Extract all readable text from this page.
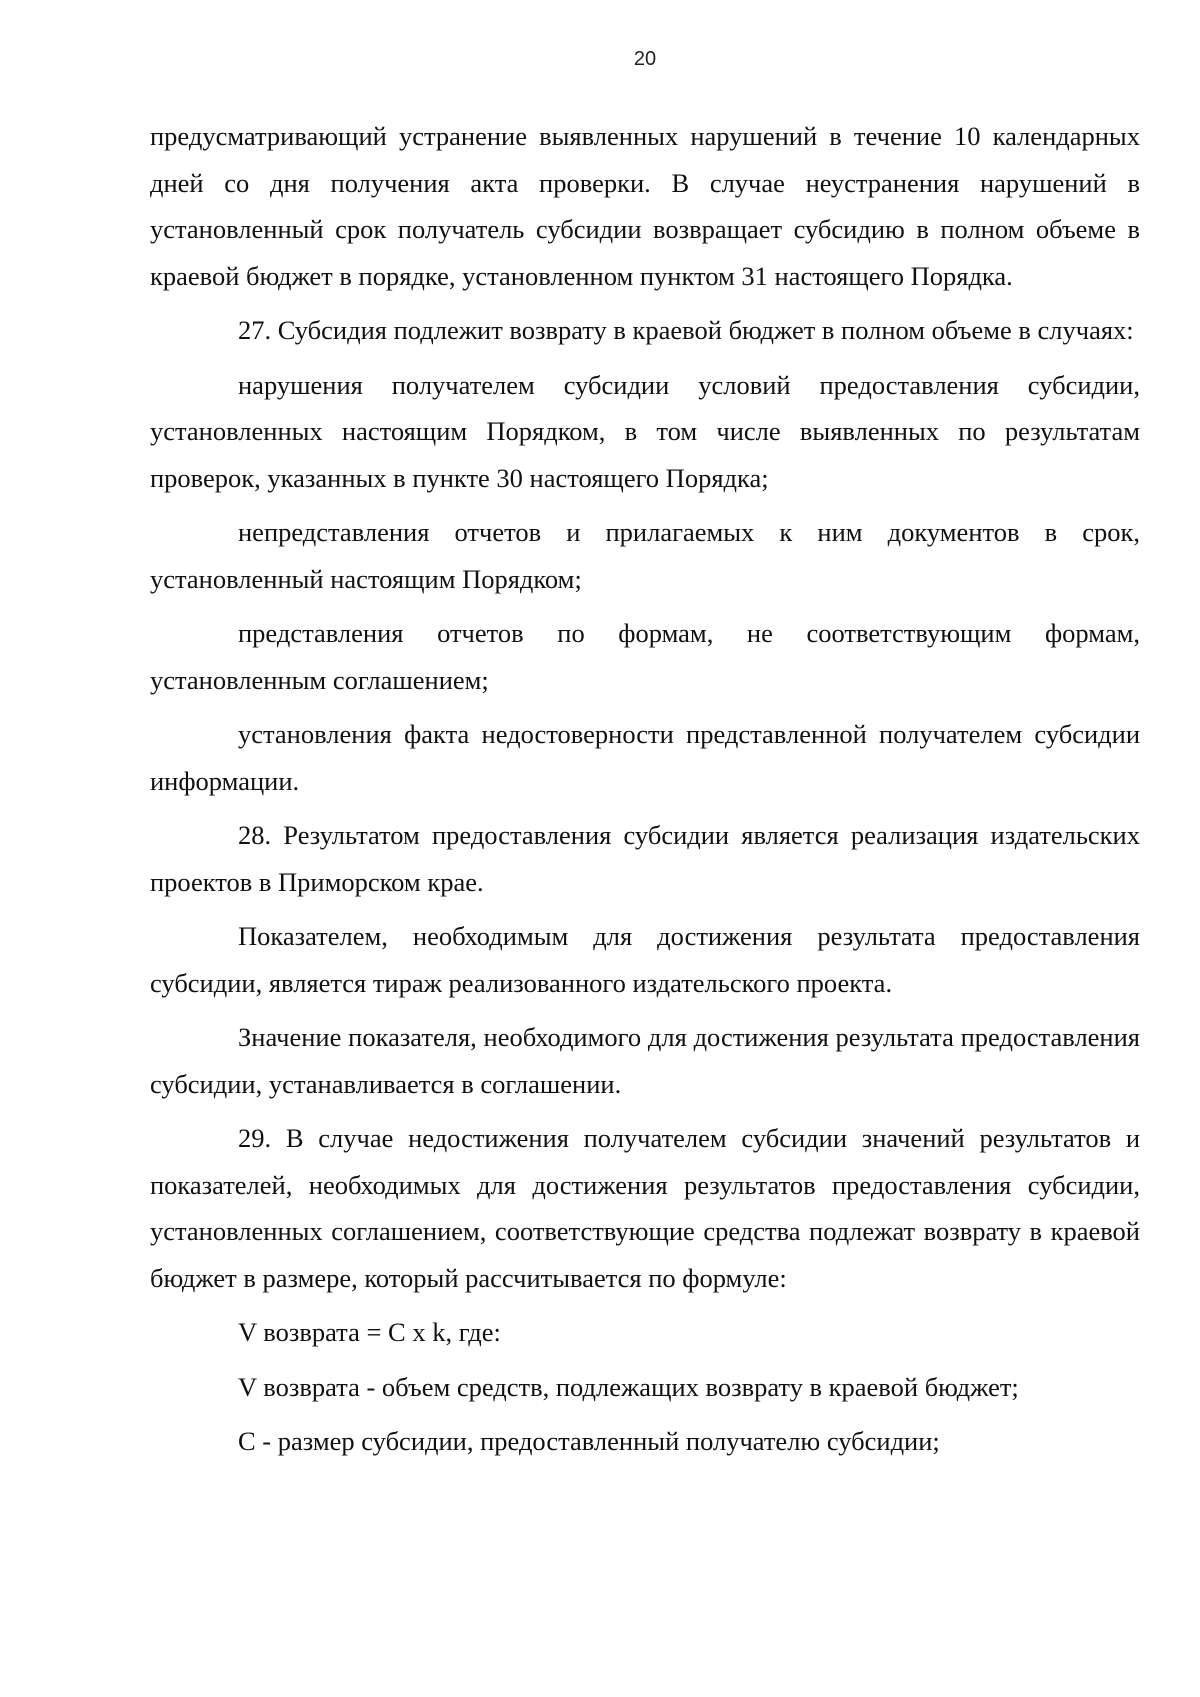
20

предусматривающий устранение выявленных нарушений в течение 10 календарных дней со дня получения акта проверки. В случае неустранения нарушений в установленный срок получатель субсидии возвращает субсидию в полном объеме в краевой бюджет в порядке, установленном пунктом 31 настоящего Порядка.

27. Субсидия подлежит возврату в краевой бюджет в полном объеме в случаях:

нарушения получателем субсидии условий предоставления субсидии, установленных настоящим Порядком, в том числе выявленных по результатам проверок, указанных в пункте 30 настоящего Порядка;

непредставления отчетов и прилагаемых к ним документов в срок, установленный настоящим Порядком;

представления отчетов по формам, не соответствующим формам, установленным соглашением;

установления факта недостоверности представленной получателем субсидии информации.

28. Результатом предоставления субсидии является реализация издательских проектов в Приморском крае.

Показателем, необходимым для достижения результата предоставления субсидии, является тираж реализованного издательского проекта.

Значение показателя, необходимого для достижения результата предоставления субсидии, устанавливается в соглашении.

29. В случае недостижения получателем субсидии значений результатов и показателей, необходимых для достижения результатов предоставления субсидии, установленных соглашением, соответствующие средства подлежат возврату в краевой бюджет в размере, который рассчитывается по формуле:

V возврата = C x k, где:

V возврата - объем средств, подлежащих возврату в краевой бюджет;

C - размер субсидии, предоставленный получателю субсидии;
